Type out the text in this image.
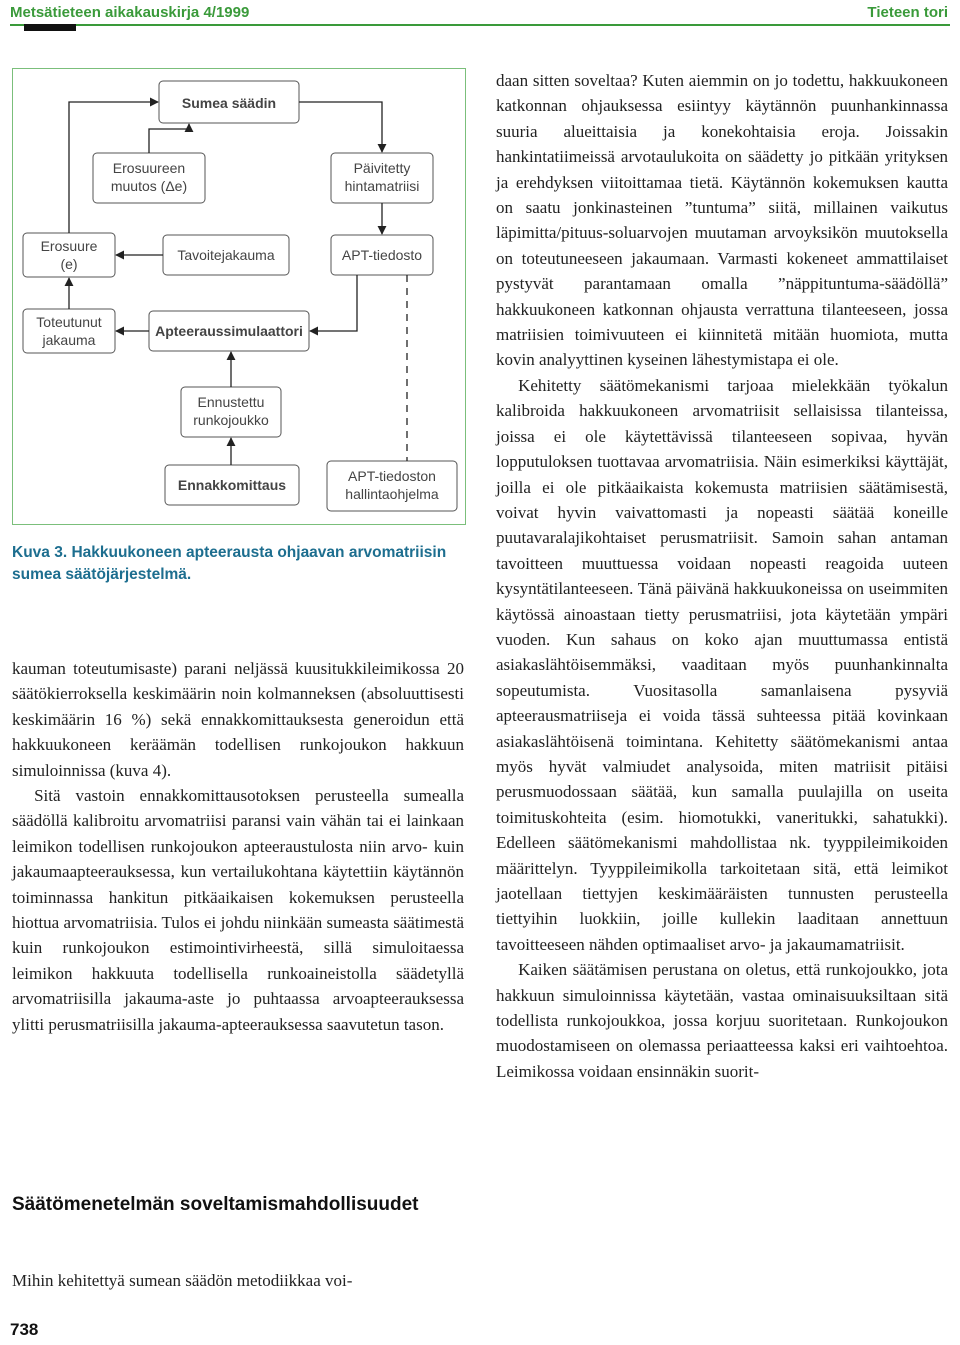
Metsätieteen aikakauskirja 4/1999	Tieteen tori
Sumea säädin
Erosuureen
muutos (Δe)
Päivitetty
hintamatriisi
Erosuure
(e)
Tavoitejakauma	APT-tiedosto
Toteutunut
jakauma
Apteeraussimulaattori
Ennustettu
runkojoukko
Ennakkomittaus
APT-tiedoston
hallintaohjelma
Kuva 3. Hakkuukoneen apteerausta ohjaavan arvomatriisin sumea säätöjärjestelmä.

kauman toteutumisaste) parani neljässä kuusitukkileimikossa 20 säätökierroksella keskimäärin noin kolmanneksen (absoluuttisesti keskimäärin 16 %) sekä ennakkomittauksesta generoidun että hakkuukoneen keräämän todellisen runkojoukon hakkuun simuloinnissa (kuva 4).

Sitä vastoin ennakkomittausotoksen perusteella sumealla säädöllä kalibroitu arvomatriisi paransi vain vähän tai ei lainkaan leimikon todellisen runkojoukon apteeraustulosta niin arvo- kuin jakaumaapteerauksessa, kun vertailukohtana käytettiin käytännön toiminnassa hankitun pitkäaikaisen kokemuksen perusteella hiottua arvomatriisia. Tulos ei johdu niinkään sumeasta säätimestä kuin runkojoukon estimointivirheestä, sillä simuloitaessa leimikon hakkuuta todellisella runkoaineistolla säädetyllä arvomatriisilla jakauma-aste jo puhtaassa arvoapteerauksessa ylitti perusmatriisilla jakauma-apteerauksessa saavutetun tason.

Säätömenetelmän soveltamismahdollisuudet

Mihin kehitettyä sumean säädön metodiikkaa voi-

daan sitten soveltaa? Kuten aiemmin on jo todettu, hakkuukoneen katkonnan ohjauksessa esiintyy käytännön puunhankinnassa suuria alueittaisia ja konekohtaisia eroja. Joissakin hankintatiimeissä arvotaulukoita on säädetty jo pitkään yrityksen ja erehdyksen viitoittamaa tietä. Käytännön kokemuksen kautta on saatu jonkinasteinen ”tuntuma” siitä, millainen vaikutus läpimitta/pituus-soluarvojen muutaman arvoyksikön muutoksella on toteutuneeseen jakaumaan. Varmasti kokeneet ammattilaiset pystyvät parantamaan omalla ”näppituntuma-säädöllä” hakkuukoneen katkonnan ohjausta verrattuna tilanteeseen, jossa matriisien toimivuuteen ei kiinnitetä mitään huomiota, mutta kovin analyyttinen kyseinen lähestymistapa ei ole.

Kehitetty säätömekanismi tarjoaa mielekkään työkalun kalibroida hakkuukoneen arvomatriisit sellaisissa tilanteissa, joissa ei ole käytettävissä tilanteeseen sopivaa, hyvän lopputuloksen tuottavaa arvomatriisia. Näin esimerkiksi käyttäjät, joilla ei ole pitkäaikaista kokemusta matriisien säätämisestä, voivat hyvin vaivattomasti ja nopeasti säätää koneille puutavaralajikohtaiset perusmatriisit. Samoin sahan antaman tavoitteen muuttuessa voidaan nopeasti reagoida uuteen kysyntätilanteeseen. Tänä päivänä hakkuukoneissa on useimmiten käytössä ainoastaan tietty perusmatriisi, jota käytetään ympäri vuoden. Kun sahaus on koko ajan muuttumassa entistä asiakaslähtöisemmäksi, vaaditaan myös puunhankinnalta sopeutumista. Vuositasolla samanlaisena pysyviä apteerausmatriiseja ei voida tässä suhteessa pitää kovinkaan asiakaslähtöisenä toimintana. Kehitetty säätömekanismi antaa myös hyvät valmiudet analysoida, miten matriisit pitäisi perusmuodossaan säätää, kun samalla puulajilla on useita toimituskohteita (esim. hiomotukki, vaneritukki, sahatukki). Edelleen säätömekanismi mahdollistaa nk. tyyppileimikoiden määrittelyn. Tyyppileimikolla tarkoitetaan sitä, että leimikot jaotellaan tiettyjen keskimääräisten tunnusten perusteella tiettyihin luokkiin, joille kullekin laaditaan annettuun tavoitteeseen nähden optimaaliset arvo- ja jakaumamatriisit.

Kaiken säätämisen perustana on oletus, että runkojoukko, jota hakkuun simuloinnissa käytetään, vastaa ominaisuuksiltaan sitä todellista runkojoukkoa, jossa korjuu suoritetaan. Runkojoukon muodostamiseen on olemassa periaatteessa kaksi eri vaihtoehtoa. Leimikossa voidaan ensinnäkin suorit-

738
